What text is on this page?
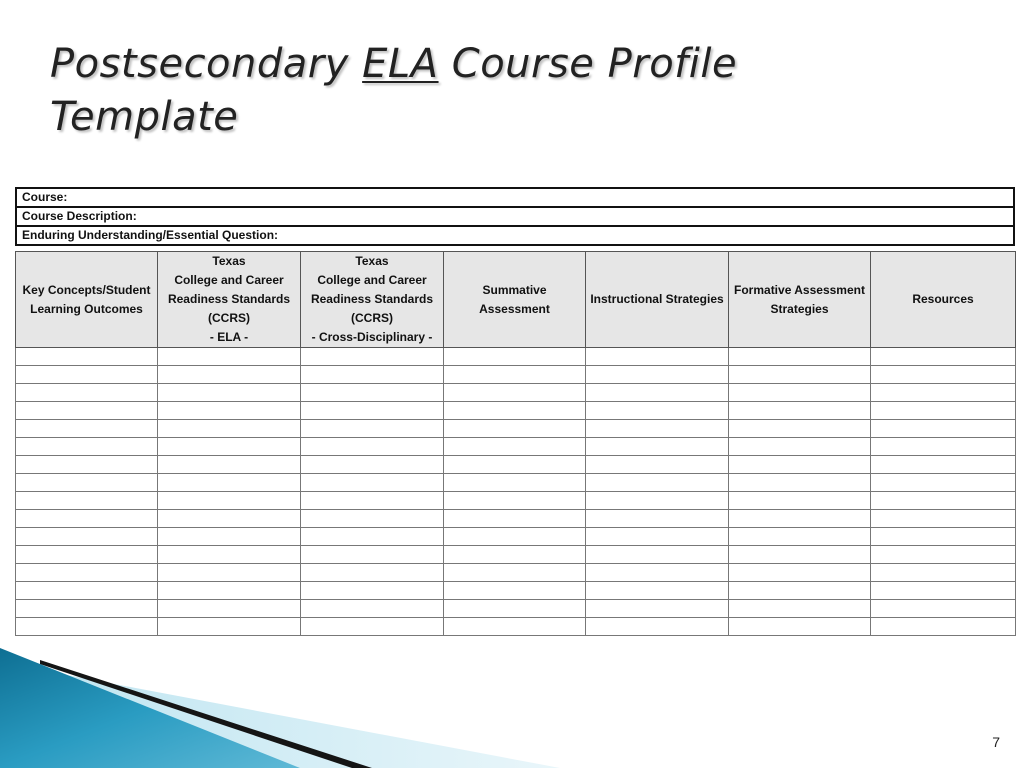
Postsecondary ELA Course Profile
Template
Course:
Course Description:
Enduring Understanding/Essential Question:
Key Concepts/Student
Learning Outcomes	Texas
College and Career
Readiness Standards
(CCRS)
- ELA -	Texas
College and Career
Readiness Standards
(CCRS)
- Cross-Disciplinary -	Summative Assessment	Instructional Strategies	Formative Assessment
Strategies	Resources

7
